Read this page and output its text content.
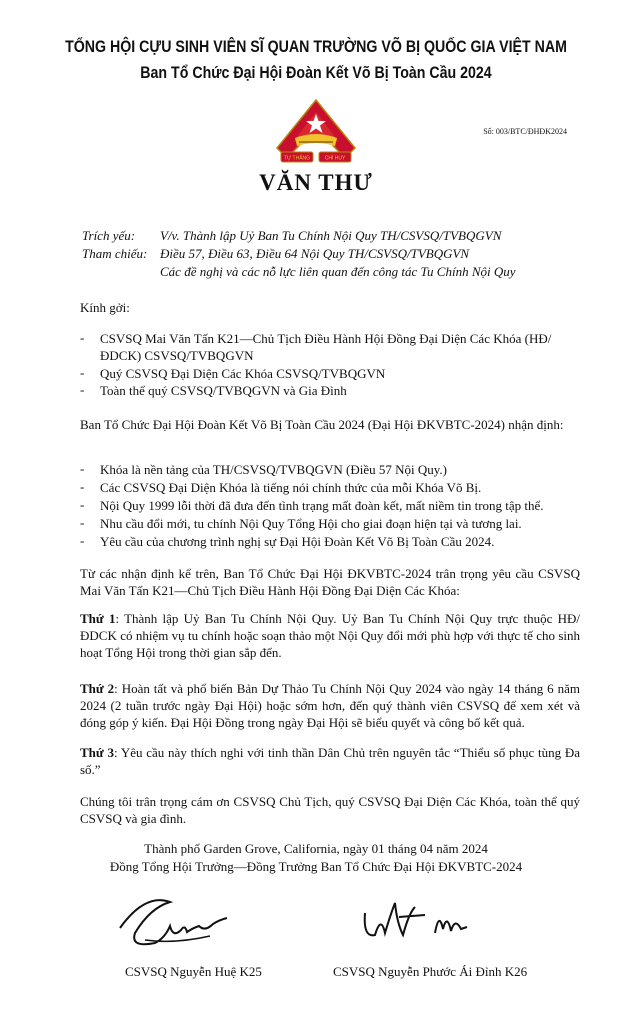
TỔNG HỘI CỰU SINH VIÊN SĨ QUAN TRƯỜNG VÕ BỊ QUỐC GIA VIỆT NAM
Ban Tổ Chức Đại Hội Đoàn Kết Võ Bị Toàn Cầu 2024
TỰ THẮNG	CHỈ HUY
Số: 003/BTC/ĐHĐK2024
VĂN THƯ
Trích yếu: V/v. Thành lập Uỷ Ban Tu Chính Nội Quy TH/CSVSQ/TVBQGVN
Tham chiếu: Điều 57, Điều 63, Điều 64 Nội Quy TH/CSVSQ/TVBQGVN
Các đề nghị và các nỗ lực liên quan đến công tác Tu Chính Nội Quy
Kính gởi:
- CSVSQ Mai Văn Tấn K21—Chủ Tịch Điều Hành Hội Đồng Đại Diện Các Khóa (HĐ/ĐDCK) CSVSQ/TVBQGVN
- Quý CSVSQ Đại Diện Các Khóa CSVSQ/TVBQGVN
- Toàn thể quý CSVSQ/TVBQGVN và Gia Đình
Ban Tổ Chức Đại Hội Đoàn Kết Võ Bị Toàn Cầu 2024 (Đại Hội ĐKVBTC-2024) nhận định:
- Khóa là nền tảng của TH/CSVSQ/TVBQGVN (Điều 57 Nội Quy.)
- Các CSVSQ Đại Diện Khóa là tiếng nói chính thức của mỗi Khóa Võ Bị.
- Nội Quy 1999 lỗi thời đã đưa đến tình trạng mất đoàn kết, mất niềm tin trong tập thể.
- Nhu cầu đổi mới, tu chính Nội Quy Tổng Hội cho giai đoạn hiện tại và tương lai.
- Yêu cầu của chương trình nghị sự Đại Hội Đoàn Kết Võ Bị Toàn Cầu 2024.
Từ các nhận định kể trên, Ban Tổ Chức Đại Hội ĐKVBTC-2024 trân trọng yêu cầu CSVSQ Mai Văn Tấn K21—Chủ Tịch Điều Hành Hội Đồng Đại Diện Các Khóa:
Thứ 1: Thành lập Uỷ Ban Tu Chính Nội Quy. Uỷ Ban Tu Chính Nội Quy trực thuộc HĐ/ĐDCK có nhiệm vụ tu chính hoặc soạn thảo một Nội Quy đổi mới phù hợp với thực tế cho sinh hoạt Tổng Hội trong thời gian sắp đến.
Thứ 2: Hoàn tất và phổ biến Bản Dự Thảo Tu Chính Nội Quy 2024 vào ngày 14 tháng 6 năm 2024 (2 tuần trước ngày Đại Hội) hoặc sớm hơn, đến quý thành viên CSVSQ để xem xét và đóng góp ý kiến. Đại Hội Đồng trong ngày Đại Hội sẽ biểu quyết và công bố kết quả.
Thứ 3: Yêu cầu này thích nghi với tinh thần Dân Chủ trên nguyên tắc “Thiểu số phục tùng Đa số.”
Chúng tôi trân trọng cám ơn CSVSQ Chủ Tịch, quý CSVSQ Đại Diện Các Khóa, toàn thể quý CSVSQ và gia đình.
Thành phố Garden Grove, California, ngày 01 tháng 04 năm 2024
Đồng Tổng Hội Trưởng—Đồng Trưởng Ban Tổ Chức Đại Hội ĐKVBTC-2024
CSVSQ Nguyễn Huệ K25	CSVSQ Nguyễn Phước Ái Đỉnh K26
